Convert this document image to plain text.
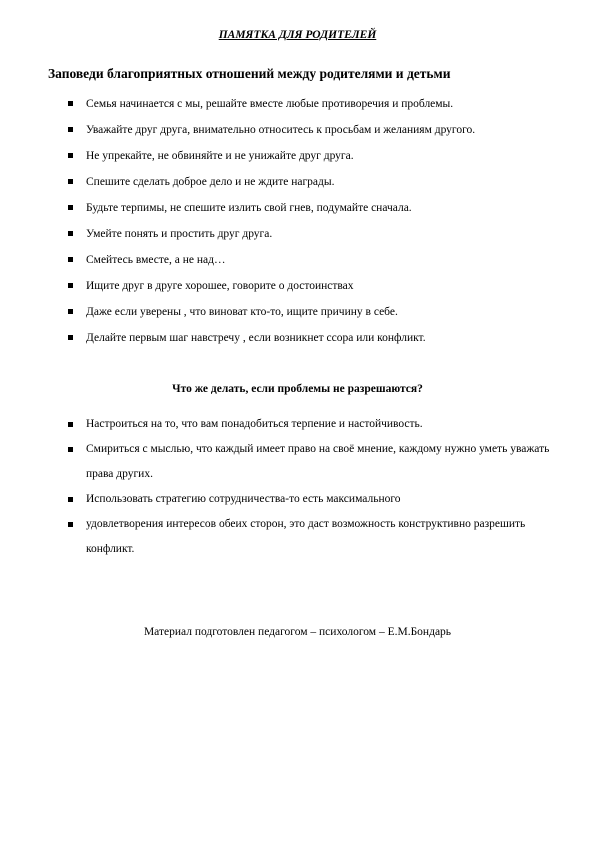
ПАМЯТКА ДЛЯ РОДИТЕЛЕЙ
Заповеди благоприятных отношений между родителями и детьми
Семья начинается с мы, решайте вместе любые противоречия и проблемы.
Уважайте друг друга, внимательно относитесь к просьбам и желаниям другого.
Не упрекайте, не обвиняйте и не унижайте друг друга.
Спешите сделать доброе дело и не ждите награды.
Будьте терпимы, не спешите излить свой гнев, подумайте сначала.
Умейте понять и простить друг друга.
Смейтесь вместе, а не над…
Ищите друг в друге хорошее, говорите о достоинствах
Даже если уверены , что виноват кто-то, ищите причину в себе.
Делайте первым шаг навстречу , если возникнет ссора или конфликт.
Что же делать, если проблемы не разрешаются?
Настроиться на то, что вам понадобиться терпение и настойчивость.
Смириться с мыслью, что каждый имеет право на своё мнение, каждому нужно уметь уважать права других.
Использовать стратегию сотрудничества-то есть максимального
удовлетворения интересов обеих сторон, это даст возможность конструктивно разрешить конфликт.
Материал подготовлен педагогом – психологом – Е.М.Бондарь
